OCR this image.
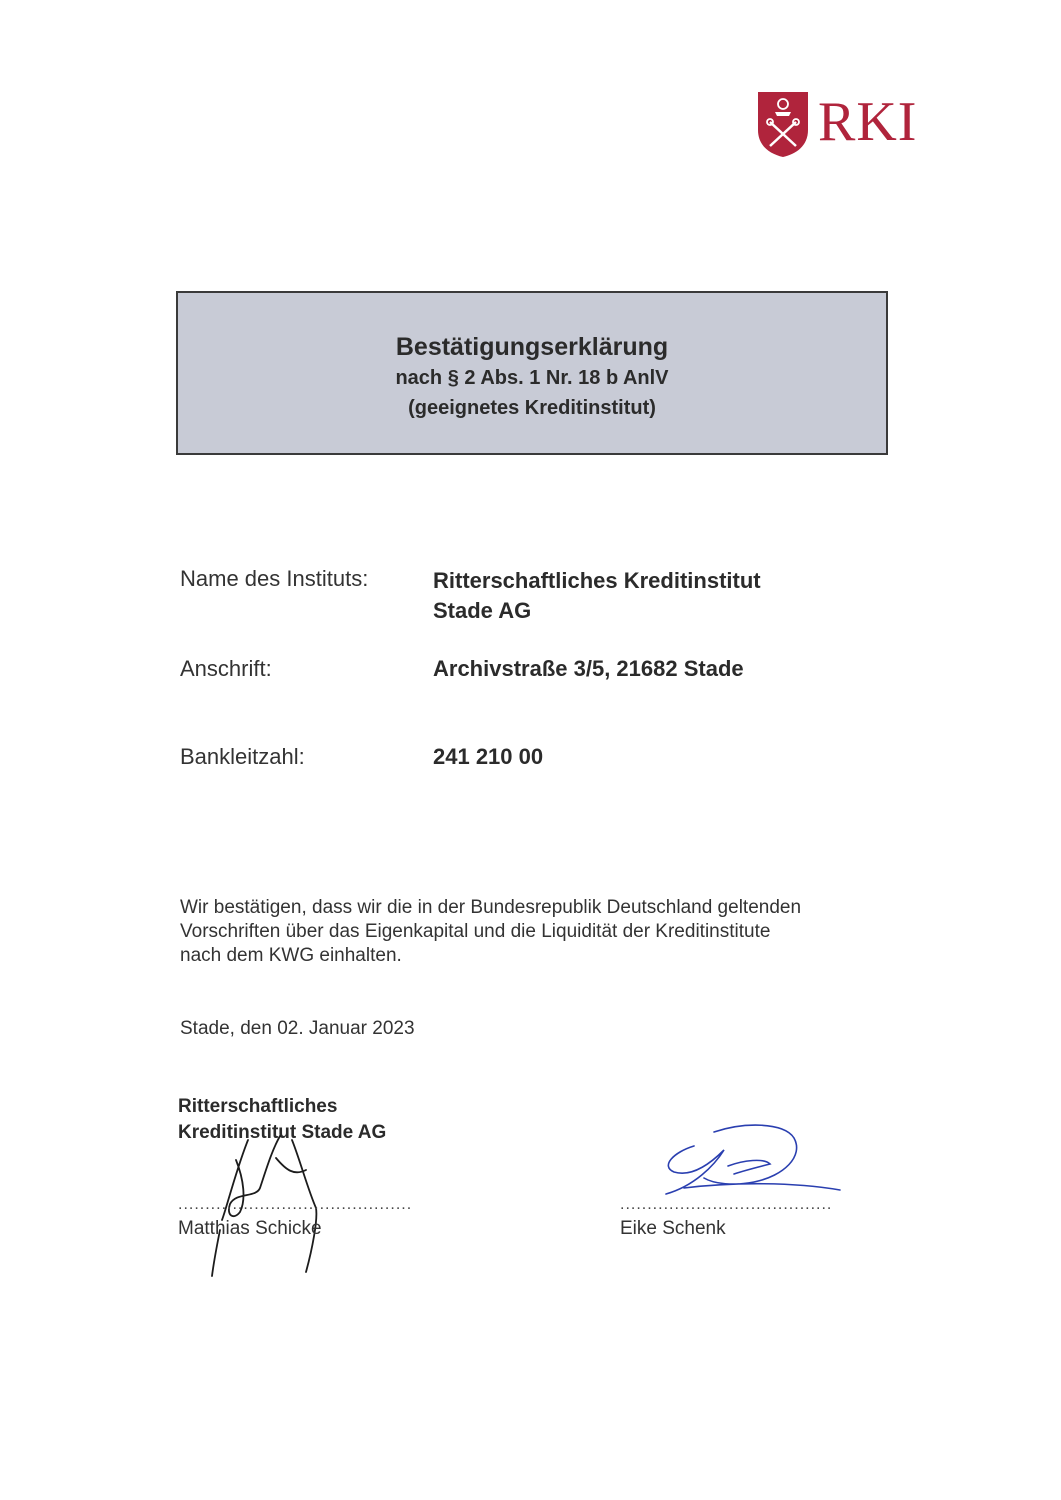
RKI
Bestätigungserklärung
nach § 2 Abs. 1 Nr. 18 b AnlV
(geeignetes Kreditinstitut)
Name des Instituts:	Ritterschaftliches Kreditinstitut
Stade AG
Anschrift:	Archivstraße 3/5, 21682 Stade
Bankleitzahl:	241 210 00
Wir bestätigen, dass wir die in der Bundesrepublik Deutschland geltenden
Vorschriften über das Eigenkapital und die Liquidität der Kreditinstitute
nach dem KWG einhalten.
Stade, den 02. Januar 2023
Ritterschaftliches
Kreditinstitut Stade AG
...........................................
Matthias Schicke
.......................................
Eike Schenk
